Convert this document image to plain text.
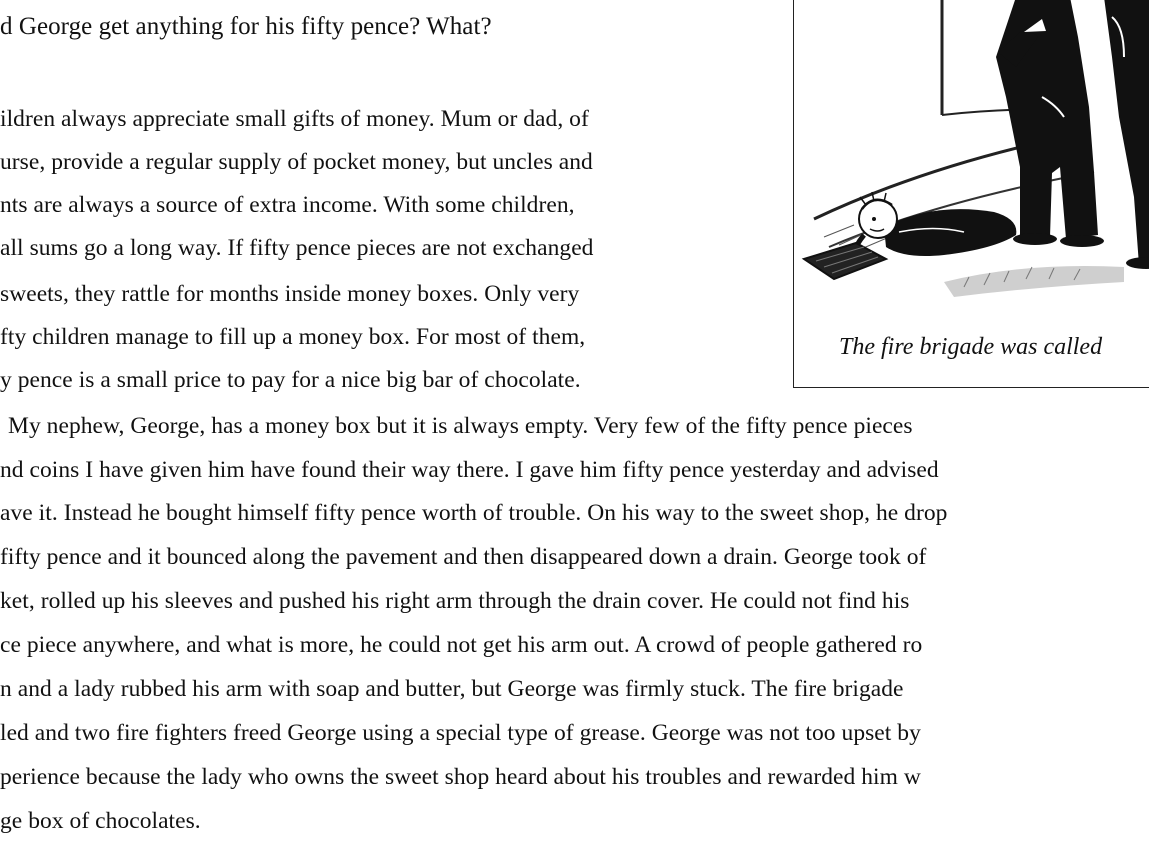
d George get anything for his fifty pence? What?
ildren always appreciate small gifts of money. Mum or dad, of
urse, provide a regular supply of pocket money, but uncles and
nts are always a source of extra income. With some children,
all sums go a long way. If fifty pence pieces are not exchanged
sweets, they rattle for months inside money boxes. Only very
fty children manage to fill up a money box. For most of them,
y pence is a small price to pay for a nice big bar of chocolate.
My nephew, George, has a money box but it is always empty. Very few of the fifty pence pieces
nd coins I have given him have found their way there. I gave him fifty pence yesterday and advised
ave it. Instead he bought himself fifty pence worth of trouble. On his way to the sweet shop, he drop
fifty pence and it bounced along the pavement and then disappeared down a drain. George took of
ket, rolled up his sleeves and pushed his right arm through the drain cover. He could not find his
ce piece anywhere, and what is more, he could not get his arm out. A crowd of people gathered ro
n and a lady rubbed his arm with soap and butter, but George was firmly stuck. The fire brigade
led and two fire fighters freed George using a special type of grease. George was not too upset by
perience because the lady who owns the sweet shop heard about his troubles and rewarded him w
ge box of chocolates.
The fire brigade was called
